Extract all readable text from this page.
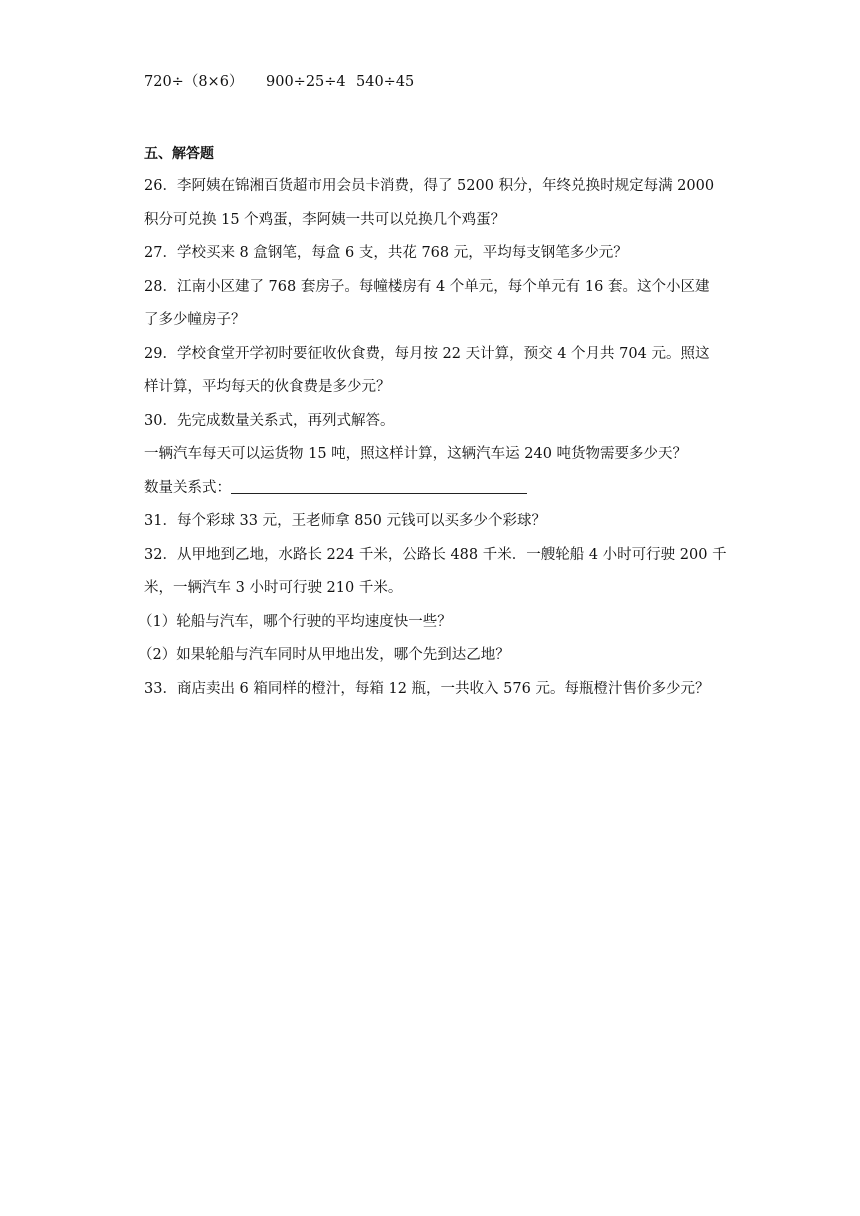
720÷（8×6） 900÷25÷4 540÷45
五、解答题
26．李阿姨在锦湘百货超市用会员卡消费，得了 5200 积分，年终兑换时规定每满 2000
积分可兑换 15 个鸡蛋，李阿姨一共可以兑换几个鸡蛋？
27．学校买来 8 盒钢笔，每盒 6 支，共花 768 元，平均每支钢笔多少元？
28．江南小区建了 768 套房子。每幢楼房有 4 个单元，每个单元有 16 套。这个小区建
了多少幢房子？
29．学校食堂开学初时要征收伙食费，每月按 22 天计算，预交 4 个月共 704 元。照这
样计算，平均每天的伙食费是多少元？
30．先完成数量关系式，再列式解答。
一辆汽车每天可以运货物 15 吨，照这样计算，这辆汽车运 240 吨货物需要多少天？
数量关系式：
31．每个彩球 33 元，王老师拿 850 元钱可以买多少个彩球？
32．从甲地到乙地，水路长 224 千米，公路长 488 千米．一艘轮船 4 小时可行驶 200 千
米，一辆汽车 3 小时可行驶 210 千米。
（1）轮船与汽车，哪个行驶的平均速度快一些？
（2）如果轮船与汽车同时从甲地出发，哪个先到达乙地？
33．商店卖出 6 箱同样的橙汁，每箱 12 瓶，一共收入 576 元。每瓶橙汁售价多少元？
